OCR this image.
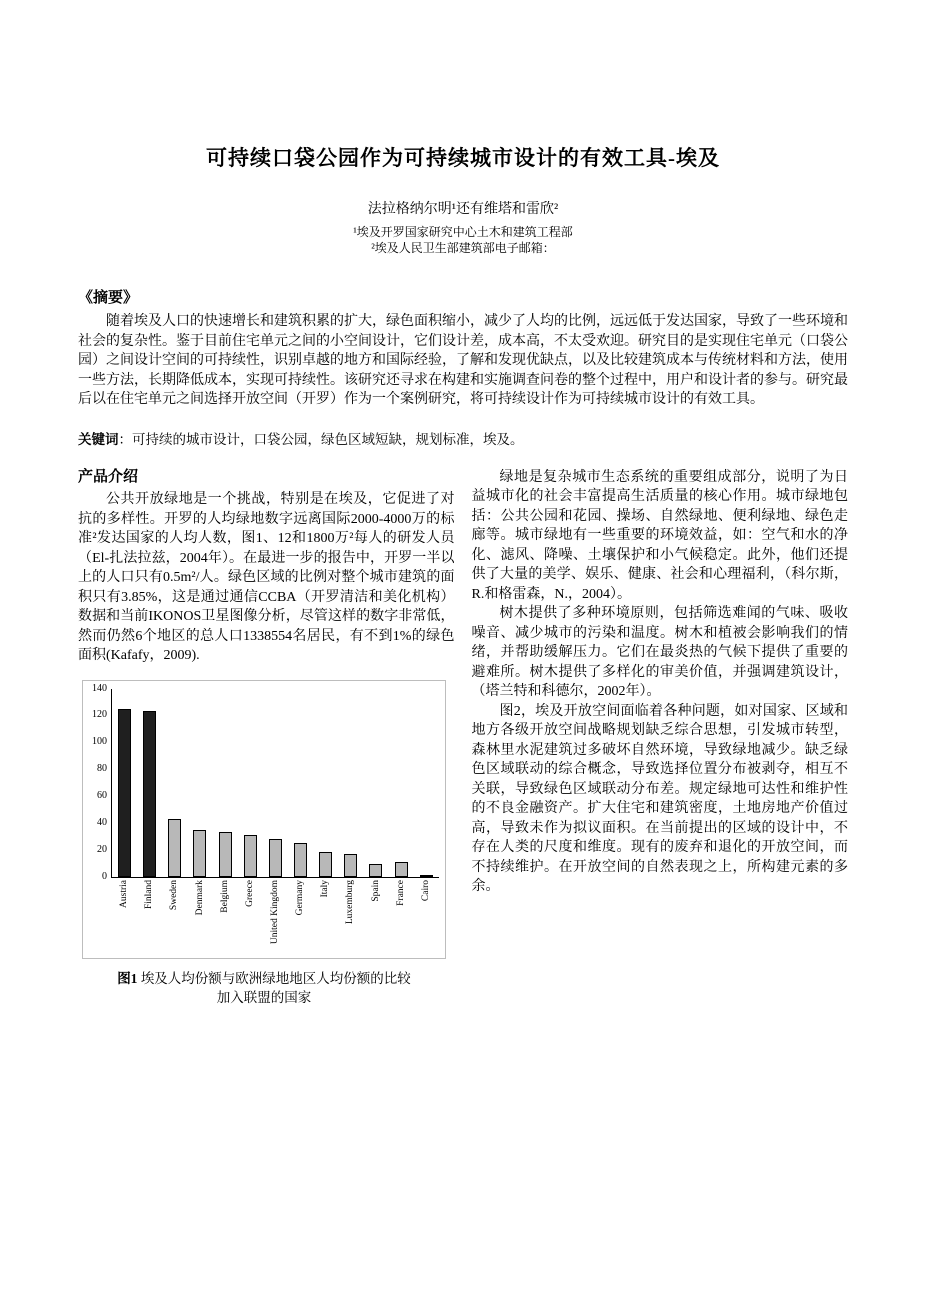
可持续口袋公园作为可持续城市设计的有效工具-埃及
法拉格纳尔明¹还有维塔和雷欣²
¹埃及开罗国家研究中心土木和建筑工程部
²埃及人民卫生部建筑部电子邮箱：
《摘要》
随着埃及人口的快速增长和建筑积累的扩大，绿色面积缩小，减少了人均的比例，远远低于发达国家，导致了一些环境和社会的复杂性。鉴于目前住宅单元之间的小空间设计，它们设计差，成本高，不太受欢迎。研究目的是实现住宅单元（口袋公园）之间设计空间的可持续性，识别卓越的地方和国际经验，了解和发现优缺点，以及比较建筑成本与传统材料和方法，使用一些方法，长期降低成本，实现可持续性。该研究还寻求在构建和实施调查问卷的整个过程中，用户和设计者的参与。研究最后以在住宅单元之间选择开放空间（开罗）作为一个案例研究，将可持续设计作为可持续城市设计的有效工具。
关键词：可持续的城市设计，口袋公园，绿色区域短缺，规划标准，埃及。
产品介绍

公共开放绿地是一个挑战，特别是在埃及，它促进了对抗的多样性。开罗的人均绿地数字远离国际2000-4000万的标准²发达国家的人均人数，图1、12和1800万²每人的研发人员（El-扎法拉兹，2004年）。在最进一步的报告中，开罗一半以上的人口只有0.5m²/人。绿色区域的比例对整个城市建筑的面积只有3.85%，这是通过通信CCBA（开罗清洁和美化机构）数据和当前IKONOS卫星图像分析，尽管这样的数字非常低，然而仍然6个地区的总人口1338554名居民，有不到1%的绿色面积(Kafafy，2009).

0
20
40
60
80
100
120
140
Austria Finland Sweden Denmark Belgium Greece United Kingdom Germany Italy Luxemburg Spain France Cairo
图1 埃及人均份额与欧洲绿地地区人均份额的比较
加入联盟的国家

绿地是复杂城市生态系统的重要组成部分，说明了为日益城市化的社会丰富提高生活质量的核心作用。城市绿地包括：公共公园和花园、操场、自然绿地、便利绿地、绿色走廊等。城市绿地有一些重要的环境效益，如：空气和水的净化、滤风、降噪、土壤保护和小气候稳定。此外，他们还提供了大量的美学、娱乐、健康、社会和心理福利，（科尔斯，R.和格雷森，N.，2004）。

树木提供了多种环境原则，包括筛选难闻的气味、吸收噪音、减少城市的污染和温度。树木和植被会影响我们的情绪，并帮助缓解压力。它们在最炎热的气候下提供了重要的避难所。树木提供了多样化的审美价值，并强调建筑设计，（塔兰特和科德尔，2002年）。

图2，埃及开放空间面临着各种问题，如对国家、区域和地方各级开放空间战略规划缺乏综合思想，引发城市转型，森林里水泥建筑过多破坏自然环境，导致绿地减少。缺乏绿色区域联动的综合概念，导致选择位置分布被剥夺，相互不关联，导致绿色区域联动分布差。规定绿地可达性和维护性的不良金融资产。扩大住宅和建筑密度，土地房地产价值过高，导致未作为拟议面积。在当前提出的区域的设计中，不存在人类的尺度和维度。现有的废弃和退化的开放空间，而不持续维护。在开放空间的自然表现之上，所构建元素的多余。
